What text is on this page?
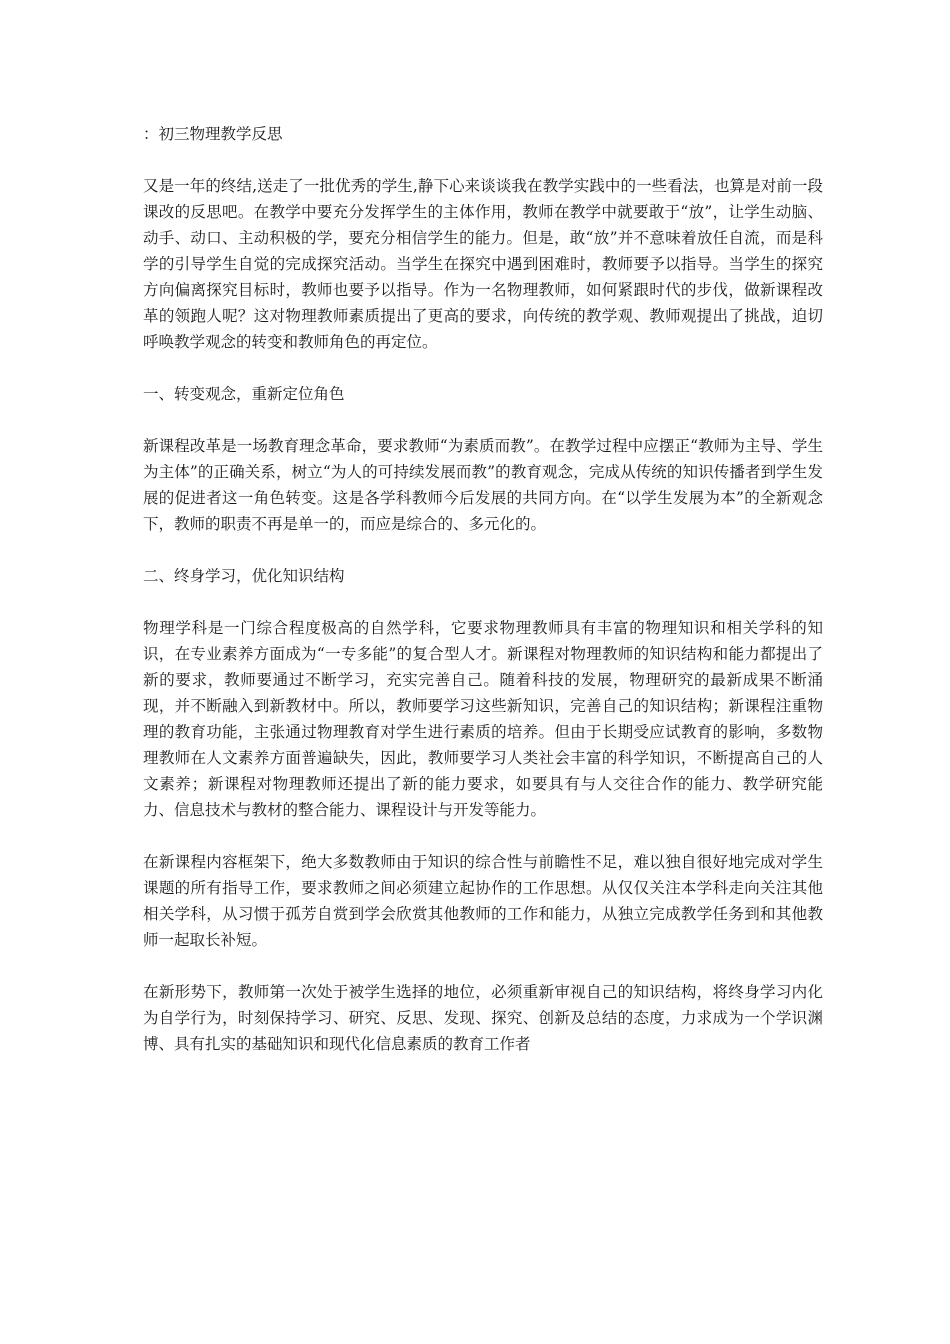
：初三物理教学反思

又是一年的终结,送走了一批优秀的学生,静下心来谈谈我在教学实践中的一些看法，也算是对前一段课改的反思吧。在教学中要充分发挥学生的主体作用，教师在教学中就要敢于“放”，让学生动脑、动手、动口、主动积极的学，要充分相信学生的能力。但是，敢“放”并不意味着放任自流，而是科学的引导学生自觉的完成探究活动。当学生在探究中遇到困难时，教师要予以指导。当学生的探究方向偏离探究目标时，教师也要予以指导。作为一名物理教师，如何紧跟时代的步伐，做新课程改革的领跑人呢？这对物理教师素质提出了更高的要求，向传统的教学观、教师观提出了挑战，迫切呼唤教学观念的转变和教师角色的再定位。

一、转变观念，重新定位角色

新课程改革是一场教育理念革命，要求教师“为素质而教”。在教学过程中应摆正“教师为主导、学生为主体”的正确关系，树立“为人的可持续发展而教”的教育观念，完成从传统的知识传播者到学生发展的促进者这一角色转变。这是各学科教师今后发展的共同方向。在“以学生发展为本”的全新观念下，教师的职责不再是单一的，而应是综合的、多元化的。

二、终身学习，优化知识结构

物理学科是一门综合程度极高的自然学科，它要求物理教师具有丰富的物理知识和相关学科的知识，在专业素养方面成为“一专多能”的复合型人才。新课程对物理教师的知识结构和能力都提出了新的要求，教师要通过不断学习，充实完善自己。随着科技的发展，物理研究的最新成果不断涌现，并不断融入到新教材中。所以，教师要学习这些新知识，完善自己的知识结构；新课程注重物理的教育功能，主张通过物理教育对学生进行素质的培养。但由于长期受应试教育的影响，多数物理教师在人文素养方面普遍缺失，因此，教师要学习人类社会丰富的科学知识，不断提高自己的人文素养；新课程对物理教师还提出了新的能力要求，如要具有与人交往合作的能力、教学研究能力、信息技术与教材的整合能力、课程设计与开发等能力。

在新课程内容框架下，绝大多数教师由于知识的综合性与前瞻性不足，难以独自很好地完成对学生课题的所有指导工作，要求教师之间必须建立起协作的工作思想。从仅仅关注本学科走向关注其他相关学科，从习惯于孤芳自赏到学会欣赏其他教师的工作和能力，从独立完成教学任务到和其他教师一起取长补短。

在新形势下，教师第一次处于被学生选择的地位，必须重新审视自己的知识结构，将终身学习内化为自学行为，时刻保持学习、研究、反思、发现、探究、创新及总结的态度，力求成为一个学识渊博、具有扎实的基础知识和现代化信息素质的教育工作者
